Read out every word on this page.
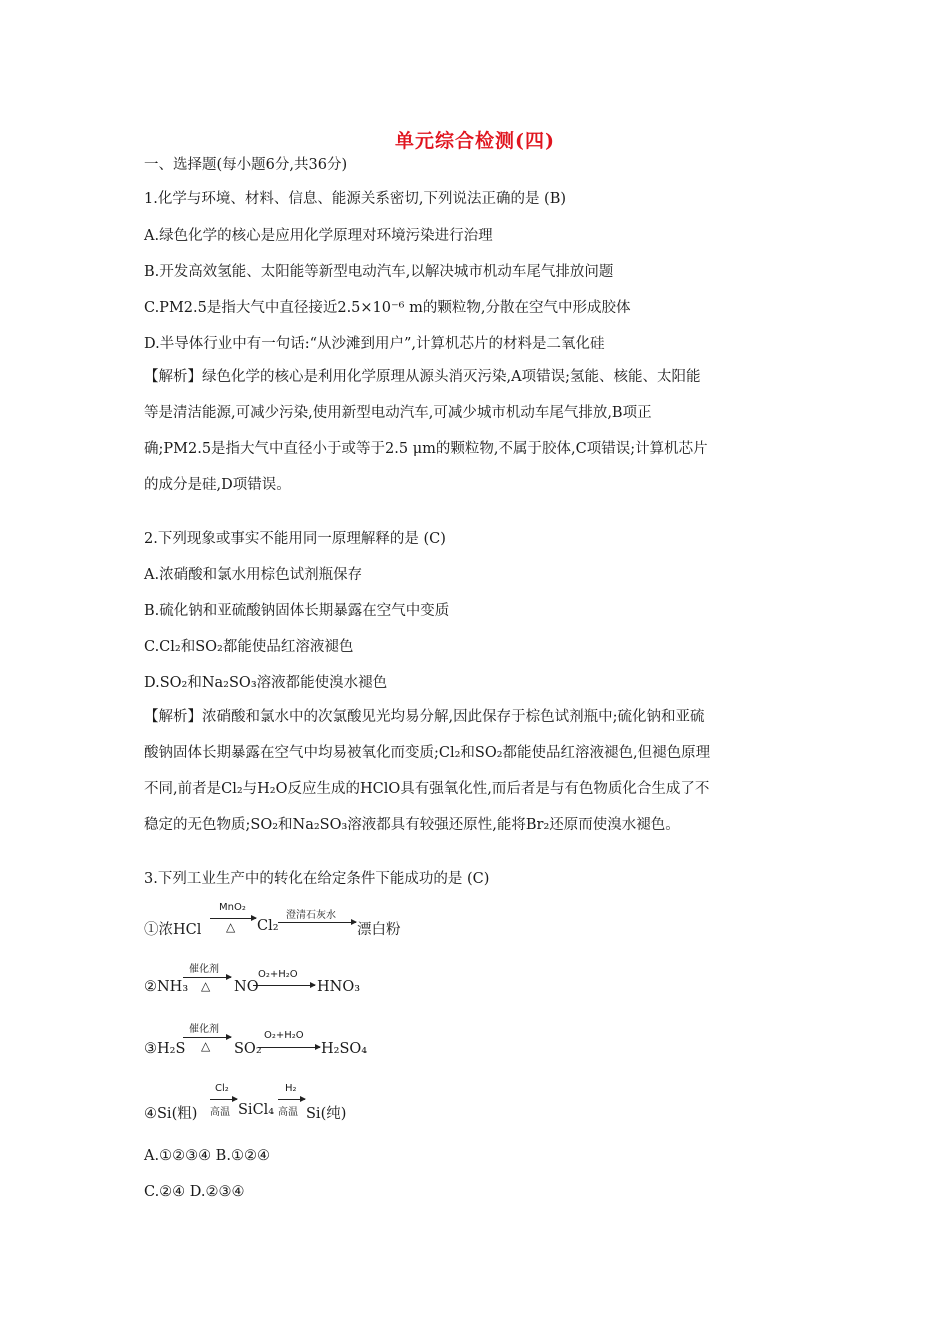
单元综合检测(四)
一、选择题(每小题6分,共36分)
1.化学与环境、材料、信息、能源关系密切,下列说法正确的是 (B)
A.绿色化学的核心是应用化学原理对环境污染进行治理
B.开发高效氢能、太阳能等新型电动汽车,以解决城市机动车尾气排放问题
C.PM2.5是指大气中直径接近2.5×10⁻⁶ m的颗粒物,分散在空气中形成胶体
D.半导体行业中有一句话:“从沙滩到用户”,计算机芯片的材料是二氧化硅
【解析】绿色化学的核心是利用化学原理从源头消灭污染,A项错误;氢能、核能、太阳能
等是清洁能源,可减少污染,使用新型电动汽车,可减少城市机动车尾气排放,B项正
确;PM2.5是指大气中直径小于或等于2.5 μm的颗粒物,不属于胶体,C项错误;计算机芯片
的成分是硅,D项错误。
2.下列现象或事实不能用同一原理解释的是 (C)
A.浓硝酸和氯水用棕色试剂瓶保存
B.硫化钠和亚硫酸钠固体长期暴露在空气中变质
C.Cl₂和SO₂都能使品红溶液褪色
D.SO₂和Na₂SO₃溶液都能使溴水褪色
【解析】浓硝酸和氯水中的次氯酸见光均易分解,因此保存于棕色试剂瓶中;硫化钠和亚硫
酸钠固体长期暴露在空气中均易被氧化而变质;Cl₂和SO₂都能使品红溶液褪色,但褪色原理
不同,前者是Cl₂与H₂O反应生成的HClO具有强氧化性,而后者是与有色物质化合生成了不
稳定的无色物质;SO₂和Na₂SO₃溶液都具有较强还原性,能将Br₂还原而使溴水褪色。
3.下列工业生产中的转化在给定条件下能成功的是 (C)
①浓HCl
MnO₂
△ Cl₂
澄清石灰水
漂白粉
②NH₃
催化剂
△ NO
O₂+H₂O
HNO₃
③H₂S
催化剂
△ SO₂
O₂+H₂O
H₂SO₄
④Si(粗)
Cl₂
高温 SiCl₄
H₂
高温 Si(纯)
A.①②③④ B.①②④
C.②④ D.②③④
